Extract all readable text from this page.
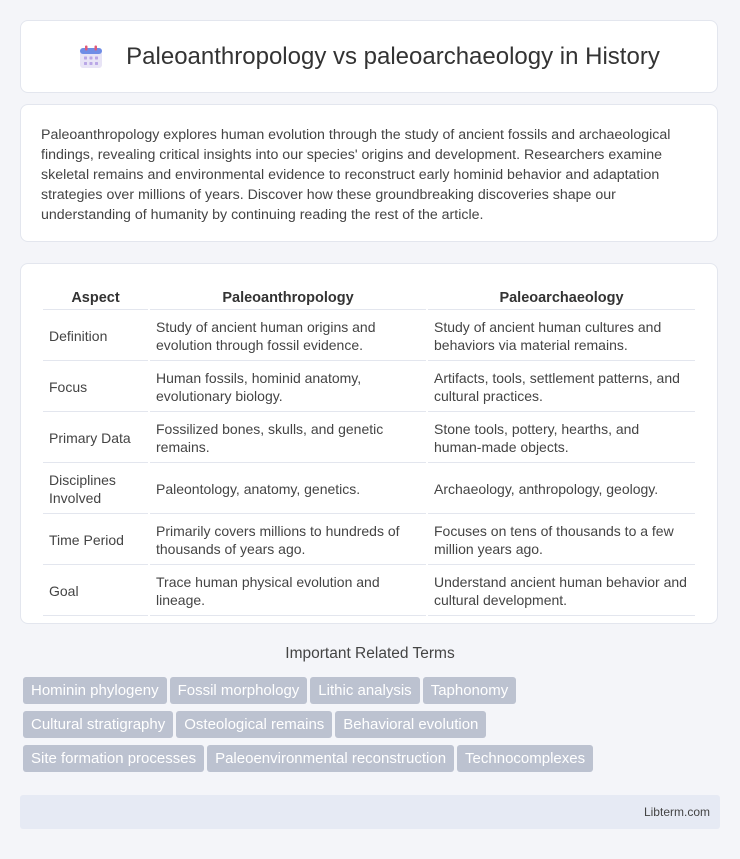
Paleoanthropology vs paleoarchaeology in History

Paleoanthropology explores human evolution through the study of ancient fossils and archaeological findings, revealing critical insights into our species' origins and development. Researchers examine skeletal remains and environmental evidence to reconstruct early hominid behavior and adaptation strategies over millions of years. Discover how these groundbreaking discoveries shape our understanding of humanity by continuing reading the rest of the article.

Aspect	Paleoanthropology	Paleoarchaeology
Definition	Study of ancient human origins and evolution through fossil evidence.	Study of ancient human cultures and behaviors via material remains.
Focus	Human fossils, hominid anatomy, evolutionary biology.	Artifacts, tools, settlement patterns, and cultural practices.
Primary Data	Fossilized bones, skulls, and genetic remains.	Stone tools, pottery, hearths, and human-made objects.
Disciplines Involved	Paleontology, anatomy, genetics.	Archaeology, anthropology, geology.
Time Period	Primarily covers millions to hundreds of thousands of years ago.	Focuses on tens of thousands to a few million years ago.
Goal	Trace human physical evolution and lineage.	Understand ancient human behavior and cultural development.
Important Related Terms
Hominin phylogeny Fossil morphology Lithic analysis Taphonomy
Cultural stratigraphy Osteological remains Behavioral evolution
Site formation processes Paleoenvironmental reconstruction Technocomplexes
Libterm.com
